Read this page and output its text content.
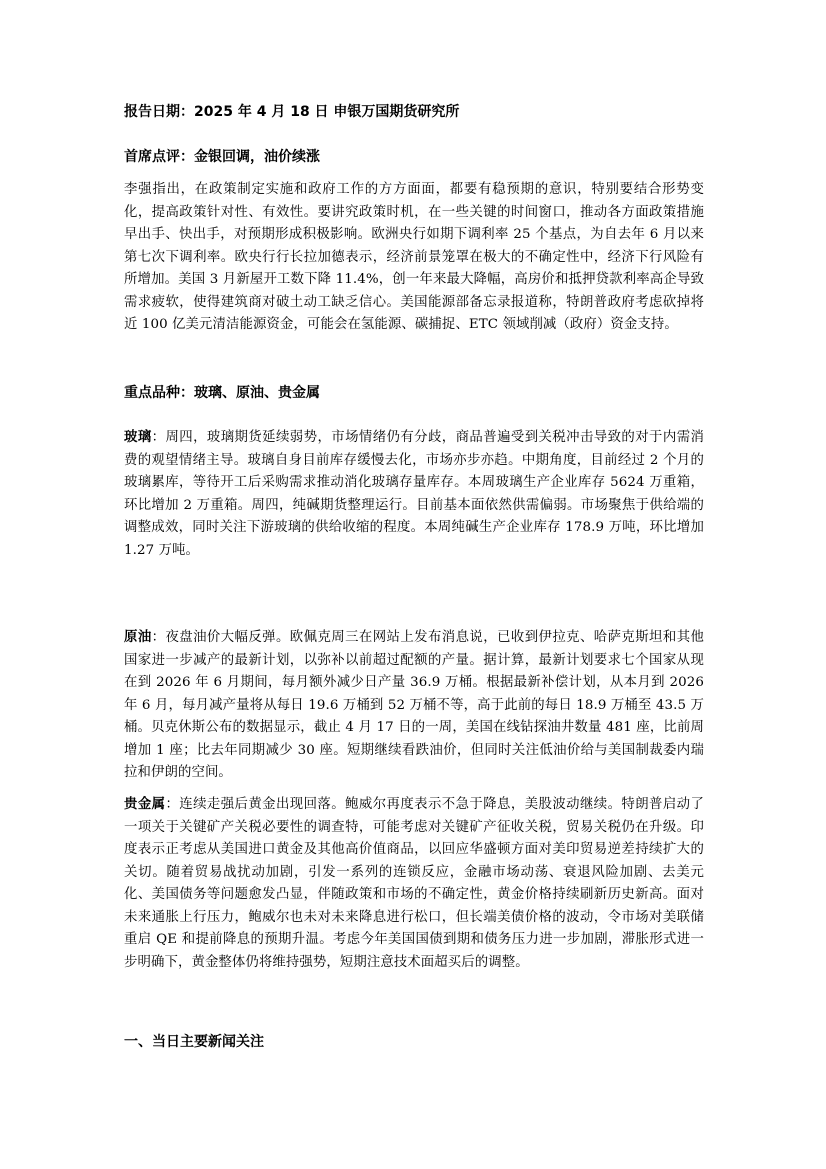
报告日期：2025 年 4 月 18 日 申银万国期货研究所
首席点评：金银回调，油价续涨
李强指出，在政策制定实施和政府工作的方方面面，都要有稳预期的意识，特别要结合形势变化，提高政策针对性、有效性。要讲究政策时机，在一些关键的时间窗口，推动各方面政策措施早出手、快出手，对预期形成积极影响。欧洲央行如期下调利率 25 个基点，为自去年 6 月以来第七次下调利率。欧央行行长拉加德表示，经济前景笼罩在极大的不确定性中，经济下行风险有所增加。美国 3 月新屋开工数下降 11.4%，创一年来最大降幅，高房价和抵押贷款利率高企导致需求疲软，使得建筑商对破土动工缺乏信心。美国能源部备忘录报道称，特朗普政府考虑砍掉将近 100 亿美元清洁能源资金，可能会在氢能源、碳捕捉、ETC 领域削减（政府）资金支持。
重点品种：玻璃、原油、贵金属
玻璃：周四，玻璃期货延续弱势，市场情绪仍有分歧，商品普遍受到关税冲击导致的对于内需消费的观望情绪主导。玻璃自身目前库存缓慢去化，市场亦步亦趋。中期角度，目前经过 2 个月的玻璃累库，等待开工后采购需求推动消化玻璃存量库存。本周玻璃生产企业库存 5624 万重箱，环比增加 2 万重箱。周四，纯碱期货整理运行。目前基本面依然供需偏弱。市场聚焦于供给端的调整成效，同时关注下游玻璃的供给收缩的程度。本周纯碱生产企业库存 178.9 万吨，环比增加 1.27 万吨。
原油：夜盘油价大幅反弹。欧佩克周三在网站上发布消息说，已收到伊拉克、哈萨克斯坦和其他国家进一步减产的最新计划，以弥补以前超过配额的产量。据计算，最新计划要求七个国家从现在到 2026 年 6 月期间，每月额外减少日产量 36.9 万桶。根据最新补偿计划，从本月到 2026 年 6 月，每月减产量将从每日 19.6 万桶到 52 万桶不等，高于此前的每日 18.9 万桶至 43.5 万桶。贝克休斯公布的数据显示，截止 4 月 17 日的一周，美国在线钻探油井数量 481 座，比前周增加 1 座；比去年同期减少 30 座。短期继续看跌油价，但同时关注低油价给与美国制裁委内瑞拉和伊朗的空间。
贵金属：连续走强后黄金出现回落。鲍威尔再度表示不急于降息，美股波动继续。特朗普启动了一项关于关键矿产关税必要性的调查特，可能考虑对关键矿产征收关税，贸易关税仍在升级。印度表示正考虑从美国进口黄金及其他高价值商品，以回应华盛顿方面对美印贸易逆差持续扩大的关切。随着贸易战扰动加剧，引发一系列的连锁反应，金融市场动荡、衰退风险加剧、去美元化、美国债务等问题愈发凸显，伴随政策和市场的不确定性，黄金价格持续刷新历史新高。面对未来通胀上行压力，鲍威尔也未对未来降息进行松口，但长端美债价格的波动，令市场对美联储重启 QE 和提前降息的预期升温。考虑今年美国国债到期和债务压力进一步加剧，滞胀形式进一步明确下，黄金整体仍将维持强势，短期注意技术面超买后的调整。
一、当日主要新闻关注
